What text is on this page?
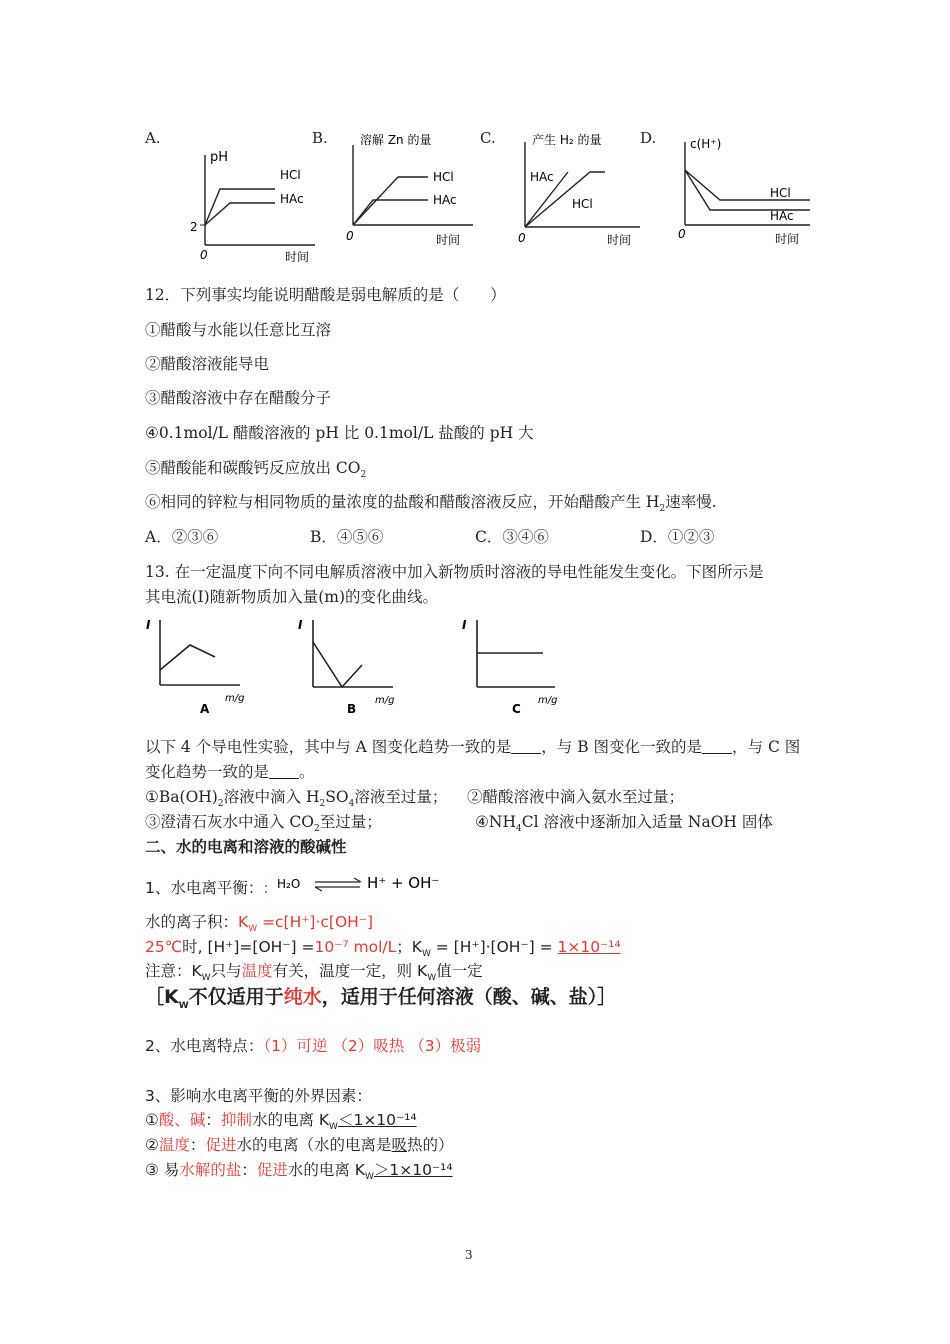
A.
pH
2
0	时间
HCl
HAc
B.	溶解 Zn 的量
0	时间
HCl
HAc
C.	产生 H₂ 的量
0	时间
HAc
HCl
D.	c(H⁺)
0	时间
HCl
HAc
12．下列事实均能说明醋酸是弱电解质的是（　　）
①醋酸与水能以任意比互溶
②醋酸溶液能导电
③醋酸溶液中存在醋酸分子
④0.1mol/L 醋酸溶液的 pH 比 0.1mol/L 盐酸的 pH 大
⑤醋酸能和碳酸钙反应放出 $CO_2$
⑥相同的锌粒与相同物质的量浓度的盐酸和醋酸溶液反应，开始醋酸产生 $H_2$速率慢.
A．②③⑥	B．④⑤⑥	C．③④⑥	D．①②③
13. 在一定温度下向不同电解质溶液中加入新物质时溶液的导电性能发生变化。下图所示是
其电流(I)随新物质加入量(m)的变化曲线。
I
m/g
A
I
m/g
B
I
m/g
C
以下 4 个导电性实验，其中与 A 图变化趋势一致的是 ，与 B 图变化一致的是 ，与 C 图
变化趋势一致的是 。
$①Ba(OH)_2$溶液中滴入 $H_2SO_4$溶液至过量； ②醋酸溶液中滴入氨水至过量；
③澄清石灰水中通入 $CO_2$至过量；	$④NH_4Cl$ 溶液中逐渐加入适量 NaOH 固体
二、水的电离和溶液的酸碱性
1、水电离平衡：: H₂O	H⁺ + OH⁻
水的离子积：$K_W =c[H^+]\cdot c[OH^-]$
25℃时, [H⁺]=[OH⁻] =10⁻⁷ mol/L；$K_W = [H^+]\cdot[OH^-] = 1\times 10^{-14}$
注意：$K_W$只与温度有关，温度一定，则 $K_W$值一定
$[K_W$不仅适用于纯水，适用于任何溶液（酸、碱、盐）］
2、水电离特点：（1）可逆 （2）吸热 （3）极弱
3、影响水电离平衡的外界因素：
①酸、碱：抑制水的电离 $K_W<1\times 10^{-14}$
②温度：促进水的电离（水的电离是吸热的）
③ 易水解的盐：促进水的电离 $K_W>1\times 10^{-14}$
3
